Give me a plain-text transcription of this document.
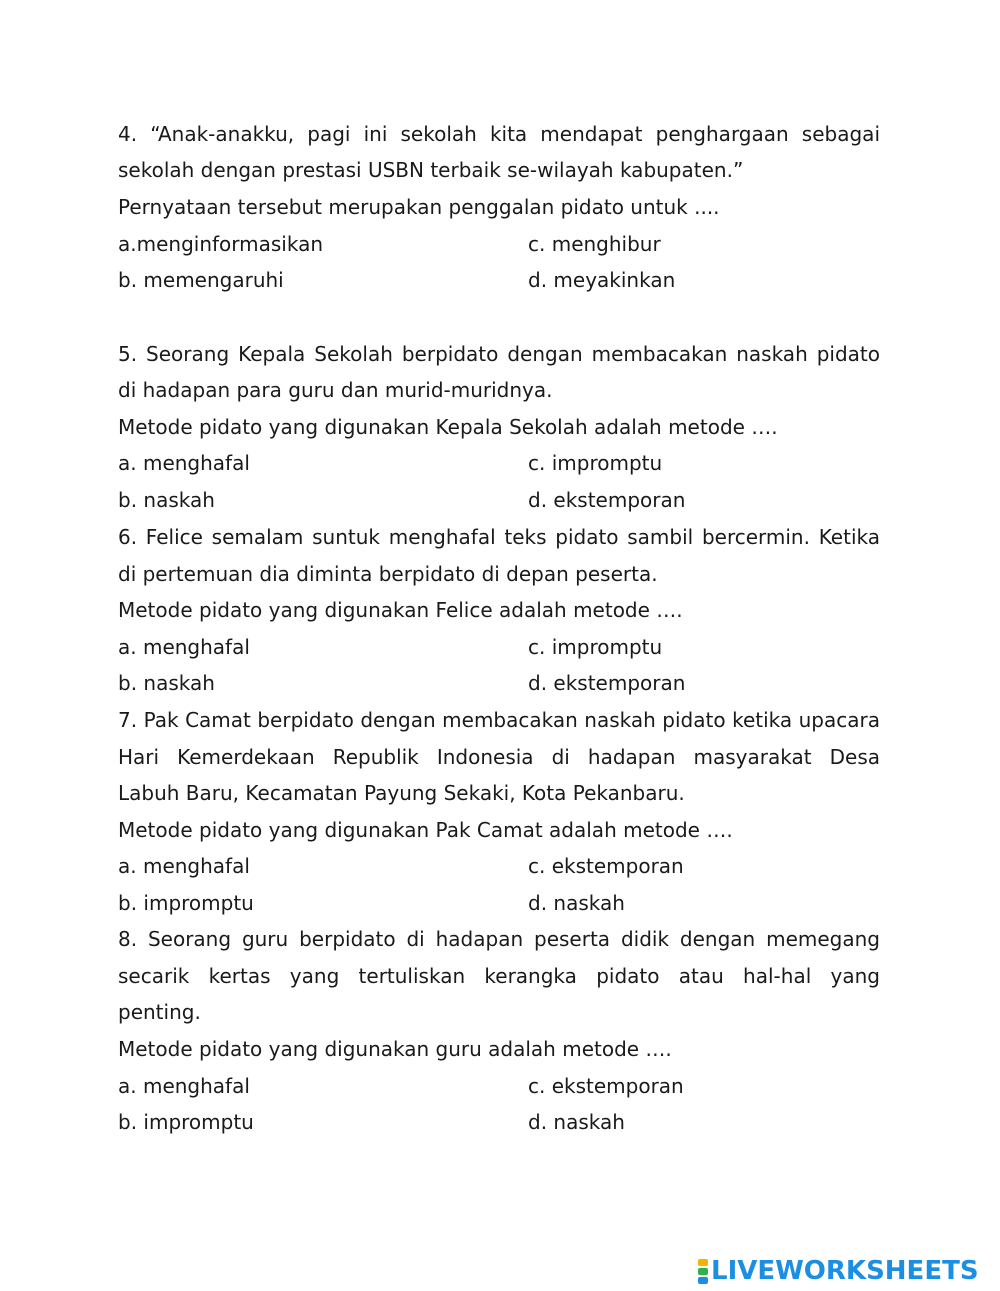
4. “Anak-anakku, pagi ini sekolah kita mendapat penghargaan sebagai
sekolah dengan prestasi USBN terbaik se-wilayah kabupaten.”
Pernyataan tersebut merupakan penggalan pidato untuk ....
a.menginformasikan	c. menghibur
b. memengaruhi	d. meyakinkan
5. Seorang Kepala Sekolah berpidato dengan membacakan naskah pidato
di hadapan para guru dan murid-muridnya.
Metode pidato yang digunakan Kepala Sekolah adalah metode ….
a. menghafal	c. impromptu
b. naskah	d. ekstemporan
6. Felice semalam suntuk menghafal teks pidato sambil bercermin. Ketika
di pertemuan dia diminta berpidato di depan peserta.
Metode pidato yang digunakan Felice adalah metode ….
a. menghafal	c. impromptu
b. naskah	d. ekstemporan
7. Pak Camat berpidato dengan membacakan naskah pidato ketika upacara
Hari Kemerdekaan Republik Indonesia di hadapan masyarakat Desa
Labuh Baru, Kecamatan Payung Sekaki, Kota Pekanbaru.
Metode pidato yang digunakan Pak Camat adalah metode ….
a. menghafal	c. ekstemporan
b. impromptu	d. naskah
8. Seorang guru berpidato di hadapan peserta didik dengan memegang
secarik kertas yang tertuliskan kerangka pidato atau hal-hal yang
penting.
Metode pidato yang digunakan guru adalah metode ….
a. menghafal	c. ekstemporan
b. impromptu	d. naskah
LIVEWORKSHEETS
